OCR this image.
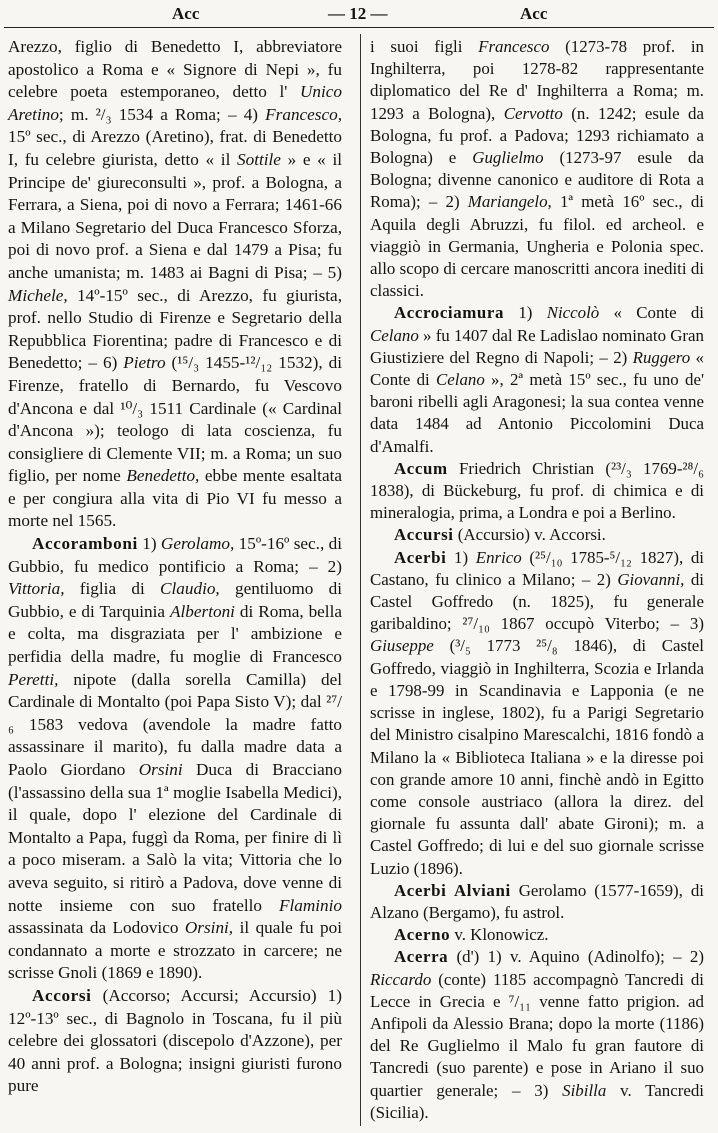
Acc	— 12 —	Acc

Arezzo, figlio di Benedetto I, abbreviatore apostolico a Roma e « Signore di Nepi », fu celebre poeta estemporaneo, detto l' Unico Aretino; m. ²/₃ 1534 a Roma; – 4) Francesco, 15º sec., di Arezzo (Aretino), frat. di Benedetto I, fu celebre giurista, detto « il Sottile » e « il Principe de' giureconsulti », prof. a Bologna, a Ferrara, a Siena, poi di novo a Ferrara; 1461-66 a Milano Segretario del Duca Francesco Sforza, poi di novo prof. a Siena e dal 1479 a Pisa; fu anche umanista; m. 1483 ai Bagni di Pisa; – 5) Michele, 14º-15º sec., di Arezzo, fu giurista, prof. nello Studio di Firenze e Segretario della Repubblica Fiorentina; padre di Francesco e di Benedetto; – 6) Pietro (¹⁵/₃ 1455-¹²/₁₂ 1532), di Firenze, fratello di Bernardo, fu Vescovo d'Ancona e dal ¹⁰/₃ 1511 Cardinale (« Cardinal d'Ancona »); teologo di lata coscienza, fu consigliere di Clemente VII; m. a Roma; un suo figlio, per nome Benedetto, ebbe mente esaltata e per congiura alla vita di Pio VI fu messo a morte nel 1565.

Accoramboni 1) Gerolamo, 15º-16º sec., di Gubbio, fu medico pontificio a Roma; – 2) Vittoria, figlia di Claudio, gentiluomo di Gubbio, e di Tarquinia Albertoni di Roma, bella e colta, ma disgraziata per l' ambizione e perfidia della madre, fu moglie di Francesco Peretti, nipote (dalla sorella Camilla) del Cardinale di Montalto (poi Papa Sisto V); dal ²⁷/₆ 1583 vedova (avendole la madre fatto assassinare il marito), fu dalla madre data a Paolo Giordano Orsini Duca di Bracciano (l'assassino della sua 1ª moglie Isabella Medici), il quale, dopo l' elezione del Cardinale di Montalto a Papa, fuggì da Roma, per finire di lì a poco miseram. a Salò la vita; Vittoria che lo aveva seguito, si ritirò a Padova, dove venne di notte insieme con suo fratello Flaminio assassinata da Lodovico Orsini, il quale fu poi condannato a morte e strozzato in carcere; ne scrisse Gnoli (1869 e 1890).

Accorsi (Accorso; Accursi; Accursio) 1) 12º-13º sec., di Bagnolo in Toscana, fu il più celebre dei glossatori (discepolo d'Azzone), per 40 anni prof. a Bologna; insigni giuristi furono pure

i suoi figli Francesco (1273-78 prof. in Inghilterra, poi 1278-82 rappresentante diplomatico del Re d' Inghilterra a Roma; m. 1293 a Bologna), Cervotto (n. 1242; esule da Bologna, fu prof. a Padova; 1293 richiamato a Bologna) e Guglielmo (1273-97 esule da Bologna; divenne canonico e auditore di Rota a Roma); – 2) Mariangelo, 1ª metà 16º sec., di Aquila degli Abruzzi, fu filol. ed archeol. e viaggiò in Germania, Ungheria e Polonia spec. allo scopo di cercare manoscritti ancora inediti di classici.

Accrociamura 1) Niccolò « Conte di Celano » fu 1407 dal Re Ladislao nominato Gran Giustiziere del Regno di Napoli; – 2) Ruggero « Conte di Celano », 2ª metà 15º sec., fu uno de' baroni ribelli agli Aragonesi; la sua contea venne data 1484 ad Antonio Piccolomini Duca d'Amalfi.

Accum Friedrich Christian (²³/₃ 1769-²⁸/₆ 1838), di Bückeburg, fu prof. di chimica e di mineralogia, prima, a Londra e poi a Berlino.

Accursi (Accursio) v. Accorsi.

Acerbi 1) Enrico (²⁵/₁₀ 1785-⁵/₁₂ 1827), di Castano, fu clinico a Milano; – 2) Giovanni, di Castel Goffredo (n. 1825), fu generale garibaldino; ²⁷/₁₀ 1867 occupò Viterbo; – 3) Giuseppe (³/₅ 1773 ²⁵/₈ 1846), di Castel Goffredo, viaggiò in Inghilterra, Scozia e Irlanda e 1798-99 in Scandinavia e Lapponia (e ne scrisse in inglese, 1802), fu a Parigi Segretario del Ministro cisalpino Marescalchi, 1816 fondò a Milano la « Biblioteca Italiana » e la diresse poi con grande amore 10 anni, finchè andò in Egitto come console austriaco (allora la direz. del giornale fu assunta dall' abate Gironi); m. a Castel Goffredo; di lui e del suo giornale scrisse Luzio (1896).

Acerbi Alviani Gerolamo (1577-1659), di Alzano (Bergamo), fu astrol.

Acerno v. Klonowicz.

Acerra (d') 1) v. Aquino (Adinolfo); – 2) Riccardo (conte) 1185 accompagnò Tancredi di Lecce in Grecia e ⁷/₁₁ venne fatto prigion. ad Anfipoli da Alessio Brana; dopo la morte (1186) del Re Guglielmo il Malo fu gran fautore di Tancredi (suo parente) e pose in Ariano il suo quartier generale; – 3) Sibilla v. Tancredi (Sicilia).
